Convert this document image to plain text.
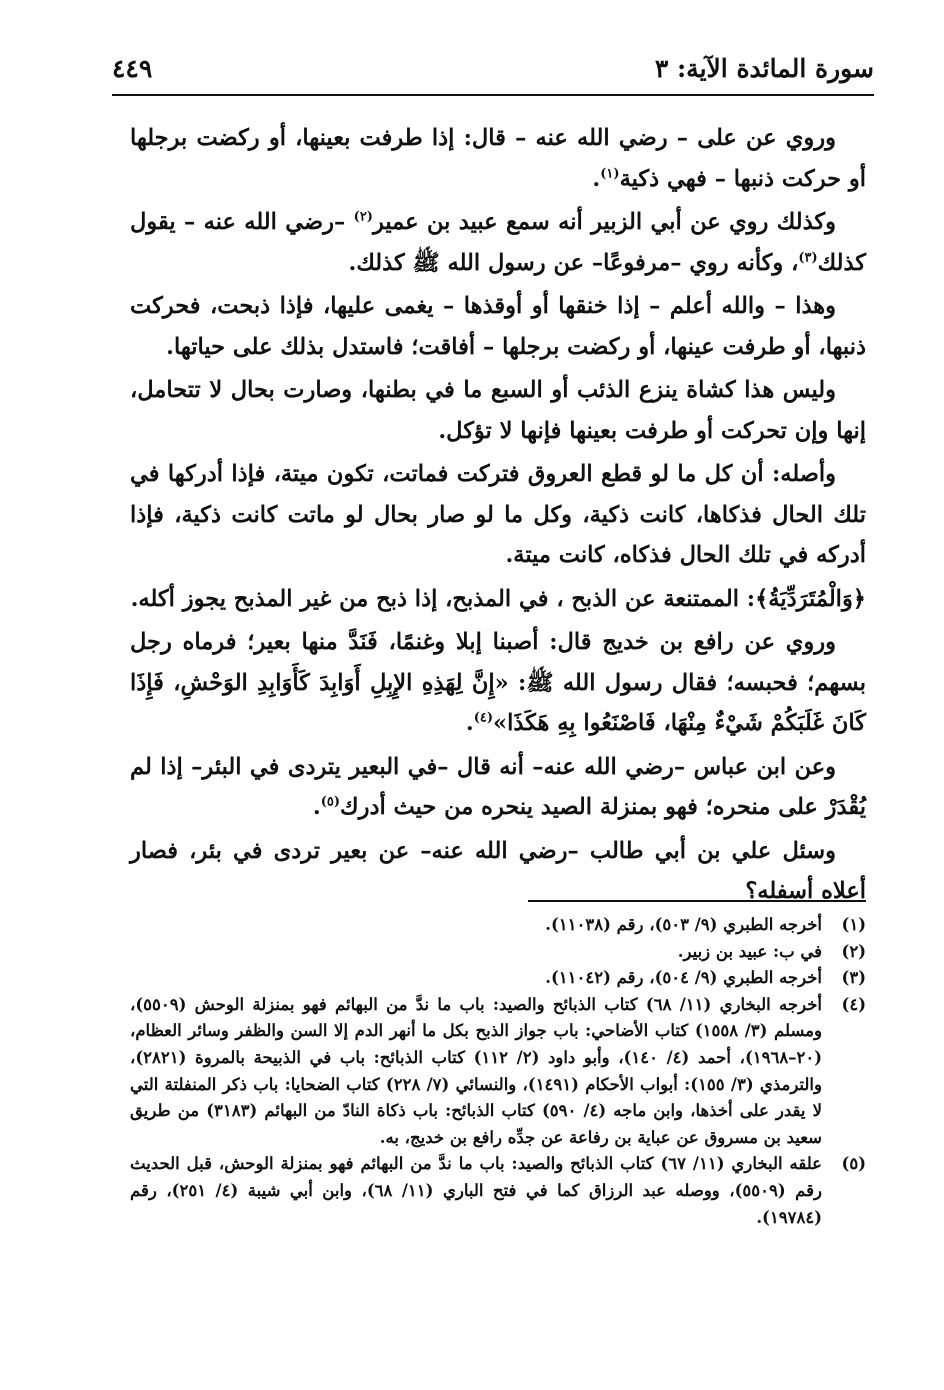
سورة المائدة الآية: ٣
٤٤٩

وروي عن على – رضي الله عنه – قال: إذا طرفت بعينها، أو ركضت برجلها أو حركت ذنبها – فهي ذكية$^{(١)}$.

وكذلك روي عن أبي الزبير أنه سمع عبيد بن عمير$^{(٢)}$ –رضي الله عنه – يقول كذلك$^{(٣)}$، وكأنه روي –مرفوعًا– عن رسول الله ﷺ كذلك.

وهذا – والله أعلم – إذا خنقها أو أوقذها – يغمى عليها، فإذا ذبحت، فحركت ذنبها، أو طرفت عينها، أو ركضت برجلها – أفاقت؛ فاستدل بذلك على حياتها.

وليس هذا كشاة ينزع الذئب أو السبع ما في بطنها، وصارت بحال لا تتحامل، إنها وإن تحركت أو طرفت بعينها فإنها لا تؤكل.

وأصله: أن كل ما لو قطع العروق فتركت فماتت، تكون ميتة، فإذا أدركها في تلك الحال فذكاها، كانت ذكية، وكل ما لو صار بحال لو ماتت كانت ذكية، فإذا أدركه في تلك الحال فذكاه، كانت ميتة.

﴿وَالْمُتَرَدِّيَةُ﴾: الممتنعة عن الذبح ، في المذبح، إذا ذبح من غير المذبح يجوز أكله.

وروي عن رافع بن خديج قال: أصبنا إبلا وغنمًا، فَنَدَّ منها بعير؛ فرماه رجل بسهم؛ فحبسه؛ فقال رسول الله ﷺ: «إِنَّ لِهَذِهِ الإِبِلِ أَوَابِدَ كَأَوَابِدِ الوَحْشِ، فَإِذَا كَانَ غَلَبَكُمْ شَيْءٌ مِنْهَا، فَاصْنَعُوا بِهِ هَكَذَا»$^{(٤)}$.

وعن ابن عباس –رضي الله عنه– أنه قال –في البعير يتردى في البئر– إذا لم يُقْدَرْ على منحره؛ فهو بمنزلة الصيد ينحره من حيث أدرك$^{(٥)}$.

وسئل علي بن أبي طالب –رضي الله عنه– عن بعير تردى في بئر، فصار أعلاه أسفله؟

(١)
أخرجه الطبري (٩/ ٥٠٣)، رقم (١١٠٣٨).
(٢)
في ب: عبيد بن زبير.
(٣)
أخرجه الطبري (٩/ ٥٠٤)، رقم (١١٠٤٢).
(٤)
أخرجه البخاري (١١/ ٦٨) كتاب الذبائح والصيد: باب ما ندَّ من البهائم فهو بمنزلة الوحش (٥٥٠٩)، ومسلم (٣/ ١٥٥٨) كتاب الأضاحي: باب جواز الذبح بكل ما أنهر الدم إلا السن والظفر وسائر العظام، (٢٠–١٩٦٨)، أحمد (٤/ ١٤٠)، وأبو داود (٢/ ١١٢) كتاب الذبائح: باب في الذبيحة بالمروة (٢٨٢١)، والترمذي (٣/ ١٥٥): أبواب الأحكام (١٤٩١)، والنسائي (٧/ ٢٢٨) كتاب الضحايا: باب ذكر المنفلتة التي لا يقدر على أخذها، وابن ماجه (٤/ ٥٩٠) كتاب الذبائح: باب ذكاة النادّ من البهائم (٣١٨٣) من طريق سعيد بن مسروق عن عباية بن رفاعة عن جدِّه رافع بن خديج، به.
(٥)
علقه البخاري (١١/ ٦٧) كتاب الذبائح والصيد: باب ما ندَّ من البهائم فهو بمنزلة الوحش، قبل الحديث رقم (٥٥٠٩)، ووصله عبد الرزاق كما في فتح الباري (١١/ ٦٨)، وابن أبي شيبة (٤/ ٢٥١)، رقم (١٩٧٨٤).
